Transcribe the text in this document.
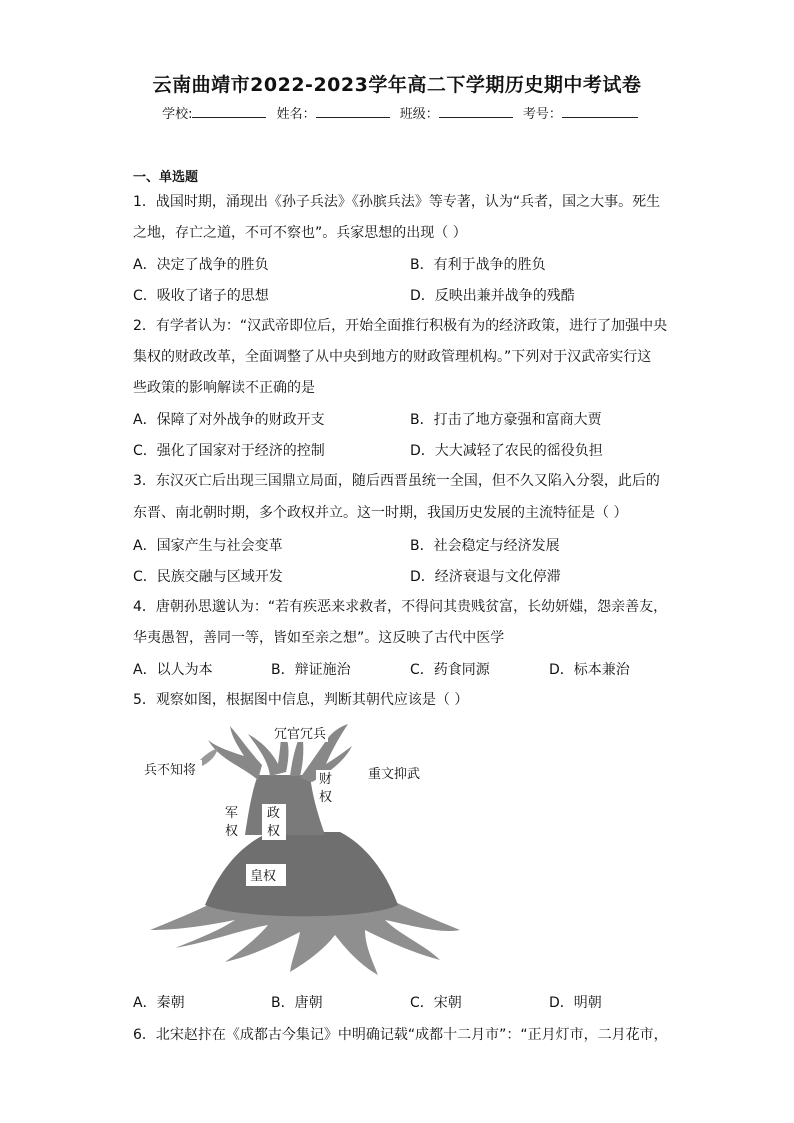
云南曲靖市2022-2023学年高二下学期历史期中考试卷
学校:	姓名：	班级：	考号：
一、单选题
1．战国时期，涌现出《孙子兵法》《孙膑兵法》等专著，认为“兵者，国之大事。死生
之地，存亡之道，不可不察也”。兵家思想的出现（ ）
A．决定了战争的胜负	B．有利于战争的胜负
C．吸收了诸子的思想	D．反映出兼并战争的残酷
2．有学者认为：“汉武帝即位后，开始全面推行积极有为的经济政策，进行了加强中央
集权的财政改革，全面调整了从中央到地方的财政管理机构。”下列对于汉武帝实行这
些政策的影响解读不正确的是
A．保障了对外战争的财政开支	B．打击了地方豪强和富商大贾
C．强化了国家对于经济的控制	D．大大减轻了农民的徭役负担
3．东汉灭亡后出现三国鼎立局面，随后西晋虽统一全国，但不久又陷入分裂，此后的
东晋、南北朝时期，多个政权并立。这一时期，我国历史发展的主流特征是（ ）
A．国家产生与社会变革	B．社会稳定与经济发展
C．民族交融与区域开发	D．经济衰退与文化停滞
4．唐朝孙思邈认为：“若有疾恶来求救者，不得问其贵贱贫富，长幼妍媸，怨亲善友，
华夷愚智，善同一等，皆如至亲之想”。这反映了古代中医学
A．以人为本	B．辩证施治	C．药食同源	D．标本兼治
5．观察如图，根据图中信息，判断其朝代应该是（ ）
冗官冗兵
兵不知将
财
权
重文抑武
军
权
政
权
皇权
A．秦朝	B．唐朝	C．宋朝	D．明朝
6．北宋赵抃在《成都古今集记》中明确记载“成都十二月市”：“正月灯市，二月花市，
